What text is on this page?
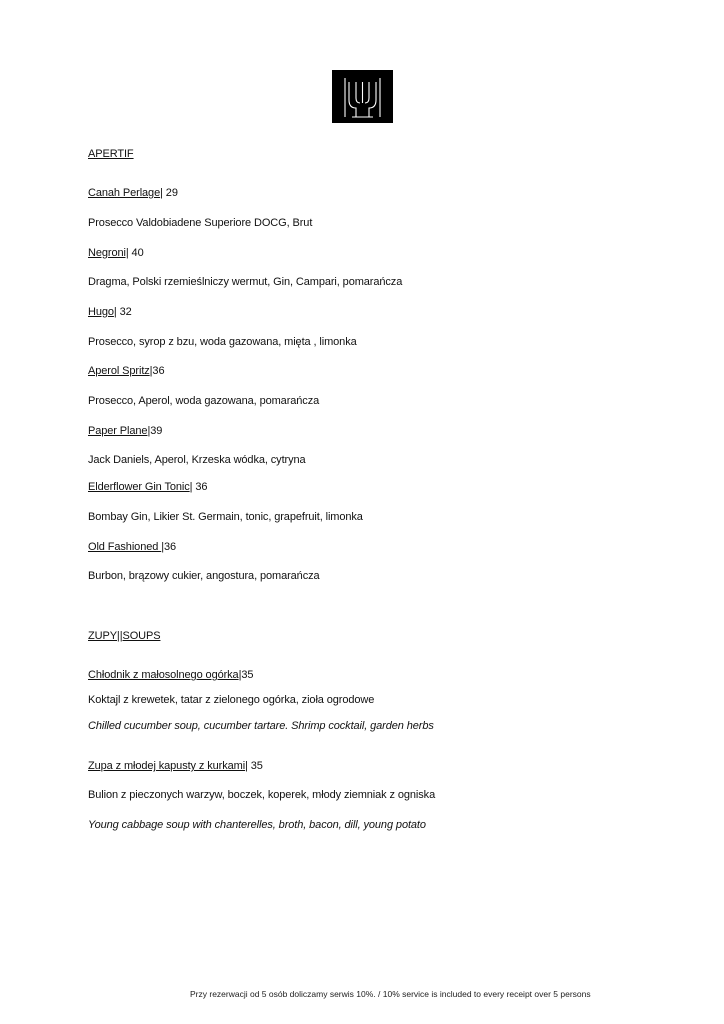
APERTIF
Canah Perlage| 29
Prosecco Valdobiadene Superiore DOCG, Brut
Negroni| 40
Dragma, Polski rzemieślniczy wermut, Gin, Campari, pomarańcza
Hugo| 32
Prosecco, syrop z bzu, woda gazowana, mięta , limonka
Aperol Spritz|36
Prosecco, Aperol, woda gazowana, pomarańcza
Paper Plane|39
Jack Daniels, Aperol, Krzeska wódka, cytryna
Elderflower Gin Tonic| 36
Bombay Gin, Likier St. Germain, tonic, grapefruit, limonka
Old Fashioned |36
Burbon, brązowy cukier, angostura, pomarańcza
ZUPY||SOUPS
Chłodnik z małosolnego ogórka|35
Koktajl z krewetek, tatar z zielonego ogórka, zioła ogrodowe
Chilled cucumber soup, cucumber tartare. Shrimp cocktail, garden herbs
Zupa z młodej kapusty z kurkami| 35
Bulion z pieczonych warzyw, boczek, koperek, młody ziemniak z ogniska
Young cabbage soup with chanterelles, broth, bacon, dill, young potato
Przy rezerwacji od 5 osób doliczamy serwis 10%. / 10% service is included to every receipt over 5 persons
